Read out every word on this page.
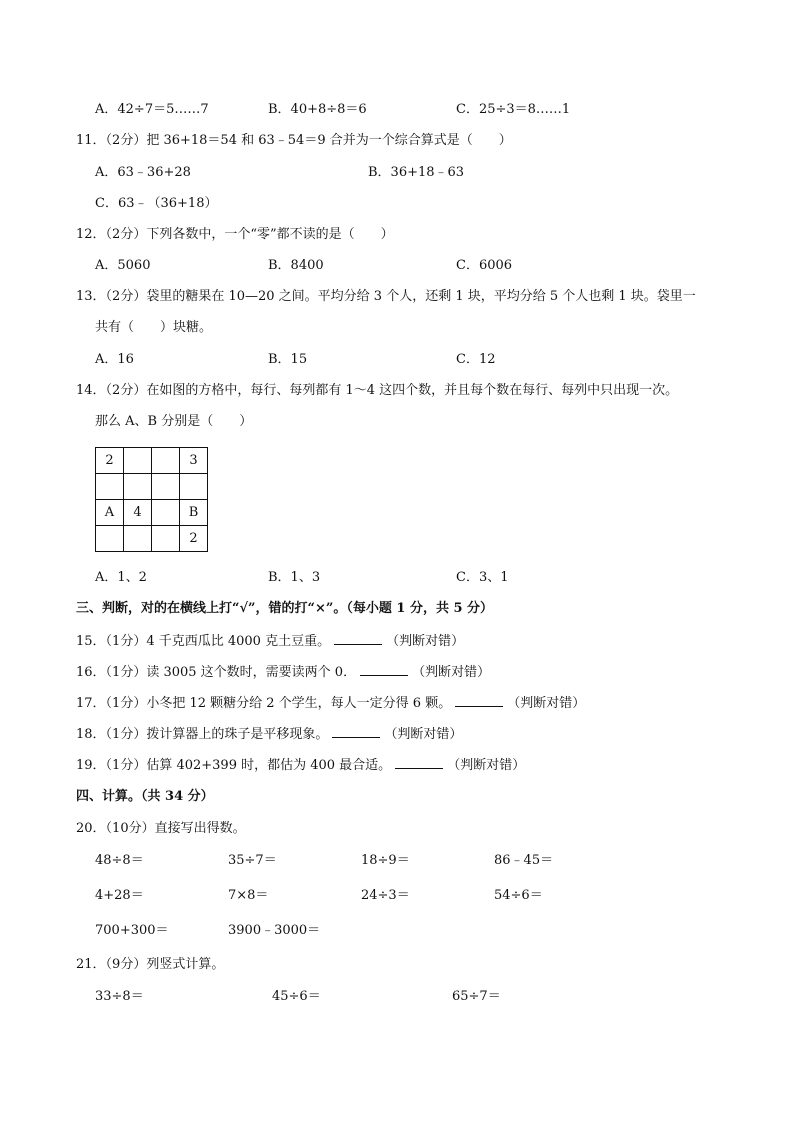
A．42÷7＝5……7	B．40+8÷8＝6	C．25÷3＝8……1
11．（2分）把 36+18＝54 和 63﹣54＝9 合并为一个综合算式是（　　）
A．63﹣36+28	B．36+18﹣63
C．63﹣（36+18）
12．（2分）下列各数中，一个“零”都不读的是（　　）
A．5060	B．8400	C．6006
13．（2分）袋里的糖果在 10—20 之间。平均分给 3 个人，还剩 1 块，平均分给 5 个人也剩 1 块。袋里一
共有（　　）块糖。
A．16	B．15	C．12
14．（2分）在如图的方格中，每行、每列都有 1～4 这四个数，并且每个数在每行、每列中只出现一次。
那么 A、B 分别是（　　）
2			3

A	4		B
			2
A．1、2	B．1、3	C．3、1
三、判断，对的在横线上打“√”，错的打“×”。（每小题 1 分，共 5 分）
15．（1分）4 千克西瓜比 4000 克土豆重。	（判断对错）
16．（1分）读 3005 这个数时，需要读两个 0．	（判断对错）
17．（1分）小冬把 12 颗糖分给 2 个学生，每人一定分得 6 颗。	（判断对错）
18．（1分）拨计算器上的珠子是平移现象。	（判断对错）
19．（1分）估算 402+399 时，都估为 400 最合适。	（判断对错）
四、计算。（共 34 分）
20．（10分）直接写出得数。
48÷8＝	35÷7＝	18÷9＝	86﹣45＝
4+28＝	7×8＝	24÷3＝	54÷6＝
700+300＝	3900﹣3000＝
21．（9分）列竖式计算。
33÷8＝	45÷6＝	65÷7＝
